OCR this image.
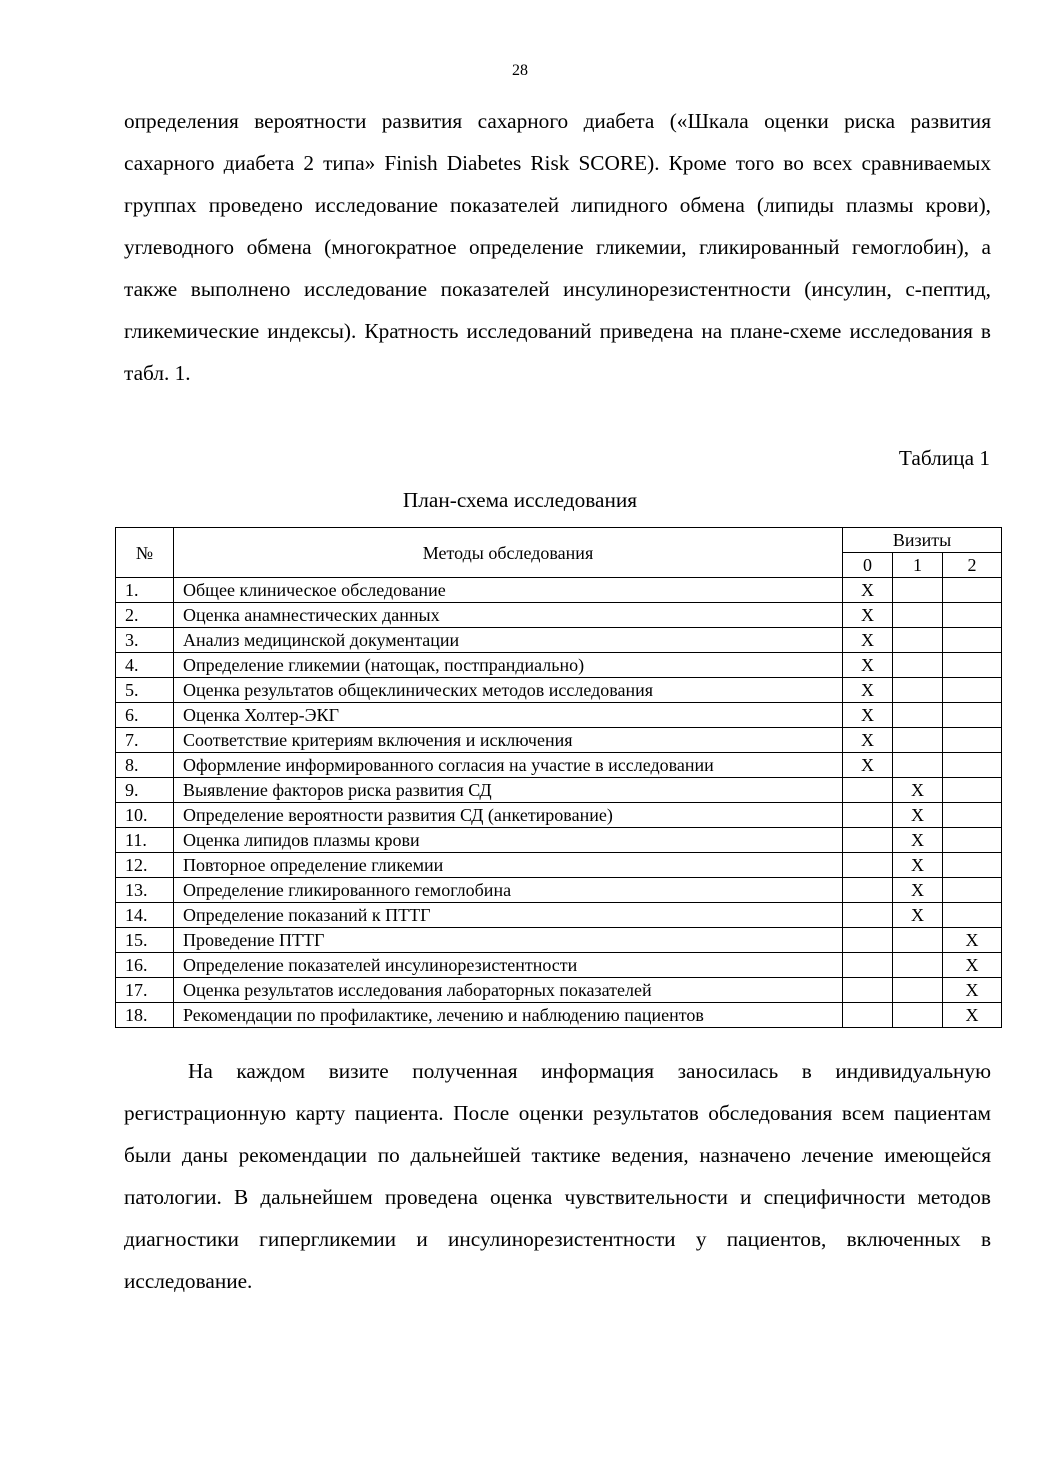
28

определения вероятности развития сахарного диабета («Шкала оценки риска развития сахарного диабета 2 типа» Finish Diabetes Risk SCORE). Кроме того во всех сравниваемых группах проведено исследование показателей липидного обмена (липиды плазмы крови), углеводного обмена (многократное определение гликемии, гликированный гемоглобин), а также выполнено исследование показателей инсулинорезистентности (инсулин, с-пептид, гликемические индексы). Кратность исследований приведена на плане-схеме исследования в табл. 1.

Таблица 1
План-схема исследования
№	Методы обследования	Визиты		
		0	1	2
1.	Общее клиническое обследование	X		
2.	Оценка анамнестических данных	X		
3.	Анализ медицинской документации	X		
4.	Определение гликемии (натощак, постпрандиально)	X		
5.	Оценка результатов общеклинических методов исследования	X		
6.	Оценка Холтер-ЭКГ	X		
7.	Соответствие критериям включения и исключения	X		
8.	Оформление информированного согласия на участие в исследовании	X		
9.	Выявление факторов риска развития СД		X	
10.	Определение вероятности развития СД (анкетирование)		X	
11.	Оценка липидов плазмы крови		X	
12.	Повторное определение гликемии		X	
13.	Определение гликированного гемоглобина		X	
14.	Определение показаний к ПТТГ		X	
15.	Проведение ПТТГ			X
16.	Определение показателей инсулинорезистентности			X
17.	Оценка результатов исследования лабораторных показателей			X
18.	Рекомендации по профилактике, лечению и наблюдению пациентов			X

На каждом визите полученная информация заносилась в индивидуальную регистрационную карту пациента. После оценки результатов обследования всем пациентам были даны рекомендации по дальнейшей тактике ведения, назначено лечение имеющейся патологии. В дальнейшем проведена оценка чувствительности и специфичности методов диагностики гипергликемии и инсулинорезистентности у пациентов, включенных в исследование.
